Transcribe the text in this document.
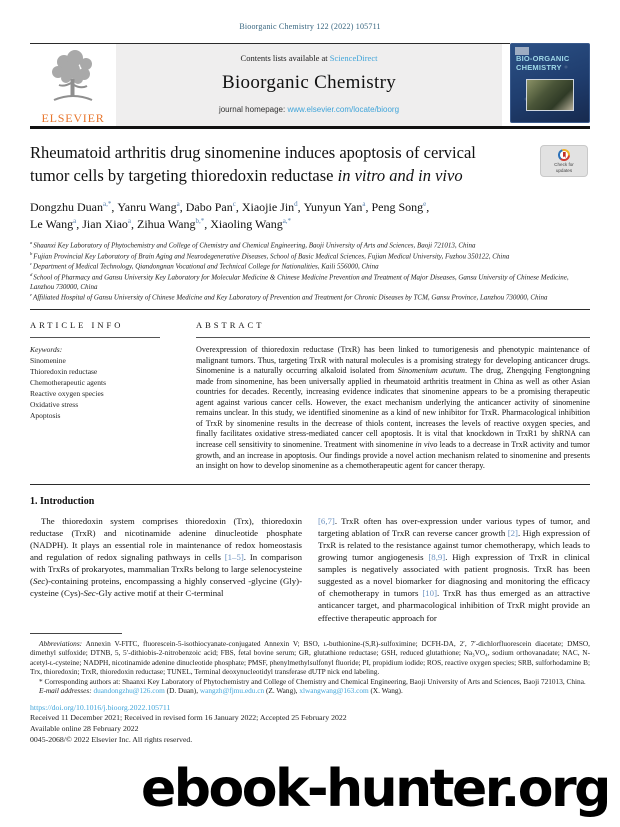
Bioorganic Chemistry 122 (2022) 105711
ELSEVIER
Contents lists available at ScienceDirect
Bioorganic Chemistry
journal homepage: www.elsevier.com/locate/bioorg
BIO-ORGANIC CHEMISTRY
Rheumatoid arthritis drug sinomenine induces apoptosis of cervical tumor cells by targeting thioredoxin reductase in vitro and in vivo
Check for
updates
Dongzhu Duan$^{a,*}$ , Yanru Wang$^a$ , Dabo Pan$^c$ , Xiaojie Jin$^d$ , Yunyun Yan$^a$ , Peng Song$^e$ ,
Le Wang$^a$ , Jian Xiao$^a$ , Zihua Wang$^{b,*}$ , Xiaoling Wang$^{a,*}$
$^a$Shaanxi Key Laboratory of Phytochemistry and College of Chemistry and Chemical Engineering, Baoji University of Arts and Sciences, Baoji 721013, China
$^b$Fujian Provincial Key Laboratory of Brain Aging and Neurodegenerative Diseases, School of Basic Medical Sciences, Fujian Medical University, Fuzhou 350122, China
$^c$Department of Medical Technology, Qiandongnan Vocational and Technical College for Nationalities, Kaili 556000, China
$^d$School of Pharmacy and Gansu University Key Laboratory for Molecular Medicine & Chinese Medicine Prevention and Treatment of Major Diseases, Gansu University of Chinese Medicine, Lanzhou 730000, China
$^e$Affiliated Hospital of Gansu University of Chinese Medicine and Key Laboratory of Prevention and Treatment for Chronic Diseases by TCM, Gansu Province, Lanzhou 730000, China
ARTICLE INFO
Keywords:
Sinomenine
Thioredoxin reductase
Chemotherapeutic agents
Reactive oxygen species
Oxidative stress
Apoptosis
ABSTRACT
Overexpression of thioredoxin reductase (TrxR) has been linked to tumorigenesis and phenotypic maintenance of malignant tumors. Thus, targeting TrxR with natural molecules is a promising strategy for developing anticancer drugs. Sinomenine is a naturally occurring alkaloid isolated from Sinomenium acutum. The drug, Zhengqing Fengtongning made from sinomenine, has been universally applied in rheumatoid arthritis treatment in China as well as other Asian countries for decades. Recently, increasing evidence indicates that sinomenine appears to be a promising therapeutic agent against various cancer cells. However, the exact mechanism underlying the anticancer activity of sinomenine remains unclear. In this study, we identified sinomenine as a kind of new inhibitor for TrxR. Pharmacological inhibition of TrxR by sinomenine results in the decrease of thiols content, increases the levels of reactive oxygen species, and finally facilitates oxidative stress-mediated cancer cell apoptosis. It is vital that knockdown in TrxR1 by shRNA can increase cell sensitivity to sinomenine. Treatment with sinomenine in vivo leads to a decrease in TrxR activity and tumor growth, and an increase in apoptosis. Our findings provide a novel action mechanism related to sinomenine and presents an insight on how to develop sinomenine as a chemotherapeutic agent for cancer therapy.
1. Introduction
The thioredoxin system comprises thioredoxin (Trx), thioredoxin reductase (TrxR) and nicotinamide adenine dinucleotide phosphate (NADPH). It plays an essential role in maintenance of redox homeostasis and regulation of redox signaling pathways in cells [1–5]. In comparison with TrxRs of prokaryotes, mammalian TrxRs belong to large selenocysteine (Sec)-containing proteins, encompassing a highly conserved -glycine (Gly)-cysteine (Cys)-Sec-Gly active motif at their C-terminal
[6,7]. TrxR often has over-expression under various types of tumor, and targeting ablation of TrxR can reverse cancer growth [2]. High expression of TrxR is related to the resistance against tumor chemotherapy, which leads to growing tumor angiogenesis [8,9]. High expression of TrxR in clinical samples is negatively associated with patient prognosis. TrxR has been suggested as a novel biomarker for diagnosing and monitoring the efficacy of chemotherapy in tumors [10]. TrxR has thus emerged as an attractive anticancer target, and pharmacological inhibition of TrxR might provide an effective therapeutic approach for
Abbreviations: Annexin V-FITC, fluorescein-5-isothiocyanate-conjugated Annexin V; BSO, ʟ-buthionine-(S,R)-sulfoximine; DCFH-DA, 2′, 7′-dichlorfluorescein diacetate; DMSO, dimethyl sulfoxide; DTNB, 5, 5′-dithiobis-2-nitrobenzoic acid; FBS, fetal bovine serum; GR, glutathione reductase; GSH, reduced glutathione; Na₃VO₄, sodium orthovanadate; NAC, N-acetyl-ʟ-cysteine; NADPH, nicotinamide adenine dinucleotide phosphate; PMSF, phenylmethylsulfonyl fluoride; PI, propidium iodide; ROS, reactive oxygen species; SRB, sulforhodamine B; Trx, thioredoxin; TrxR, thioredoxin reductase; TUNEL, Terminal deoxynucleotidyl transferase dUTP nick end labeling.
* Corresponding authors at: Shaanxi Key Laboratory of Phytochemistry and College of Chemistry and Chemical Engineering, Baoji University of Arts and Sciences, Baoji 721013, China.
E-mail addresses: duandongzhu@126.com (D. Duan), wangzh@fjmu.edu.cn (Z. Wang), xlwangwang@163.com (X. Wang).
https://doi.org/10.1016/j.bioorg.2022.105711
Received 11 December 2021; Received in revised form 16 January 2022; Accepted 25 February 2022
Available online 28 February 2022
0045-2068/© 2022 Elsevier Inc. All rights reserved.
ebook-hunter.org
